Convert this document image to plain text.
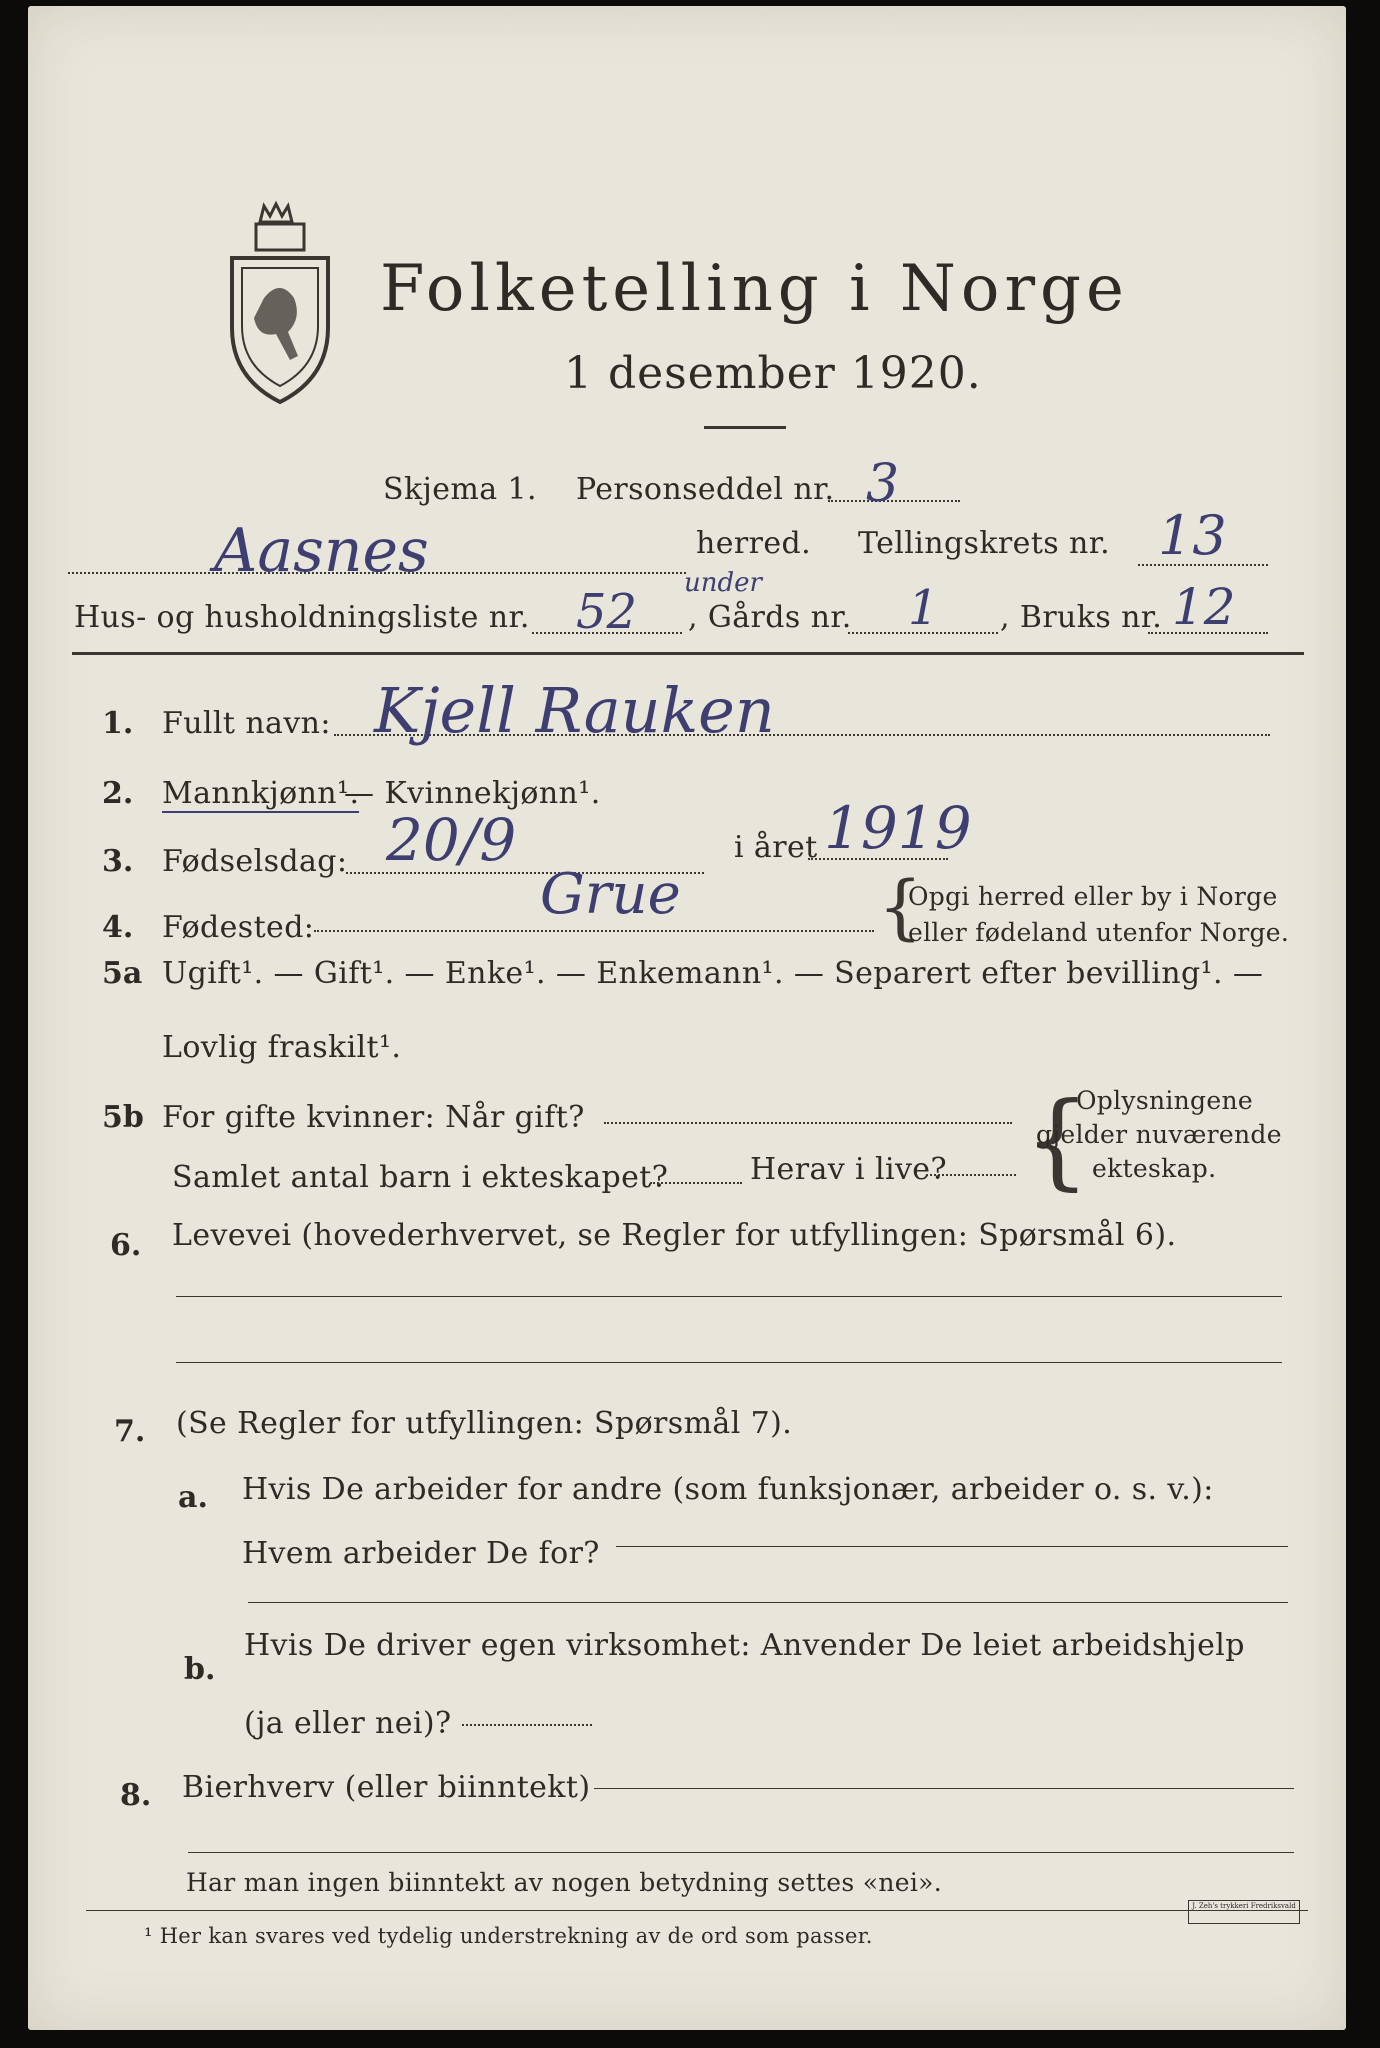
Folketelling i Norge
1 desember 1920.
Skjema 1. Personseddel nr. 3
Aasnes	herred. Tellingskrets nr. 13
Hus- og husholdningsliste nr. 52
under
, Gårds nr. 1 , Bruks nr. 12
1. Fullt navn: Kjell Rauken
2. Mannkjønn¹.
— Kvinnekjønn¹.
3. Fødselsdag: 20/9	i året 1919
4. Fødested:
Grue	{
Opgi herred eller by i Norge
eller fødeland utenfor Norge.
5a Ugift¹. — Gift¹. — Enke¹. — Enkemann¹. — Separert efter bevilling¹. —
Lovlig fraskilt¹.
5b For gifte kvinner: Når gift?
Samlet antal barn i ekteskapet?	Herav i live? {
Oplysningene
gjelder nuværende
ekteskap.
6. Levevei (hovederhvervet, se Regler for utfyllingen: Spørsmål 6).
7. (Se Regler for utfyllingen: Spørsmål 7).
a. Hvis De arbeider for andre (som funksjonær, arbeider o. s. v.):
Hvem arbeider De for?
b.
Hvis De driver egen virksomhet: Anvender De leiet arbeidshjelp
(ja eller nei)?
8. Bierhverv (eller biinntekt)
Har man ingen biinntekt av nogen betydning settes «nei».
¹ Her kan svares ved tydelig understrekning av de ord som passer.
J. Zeh's trykkeri Fredriksvald
